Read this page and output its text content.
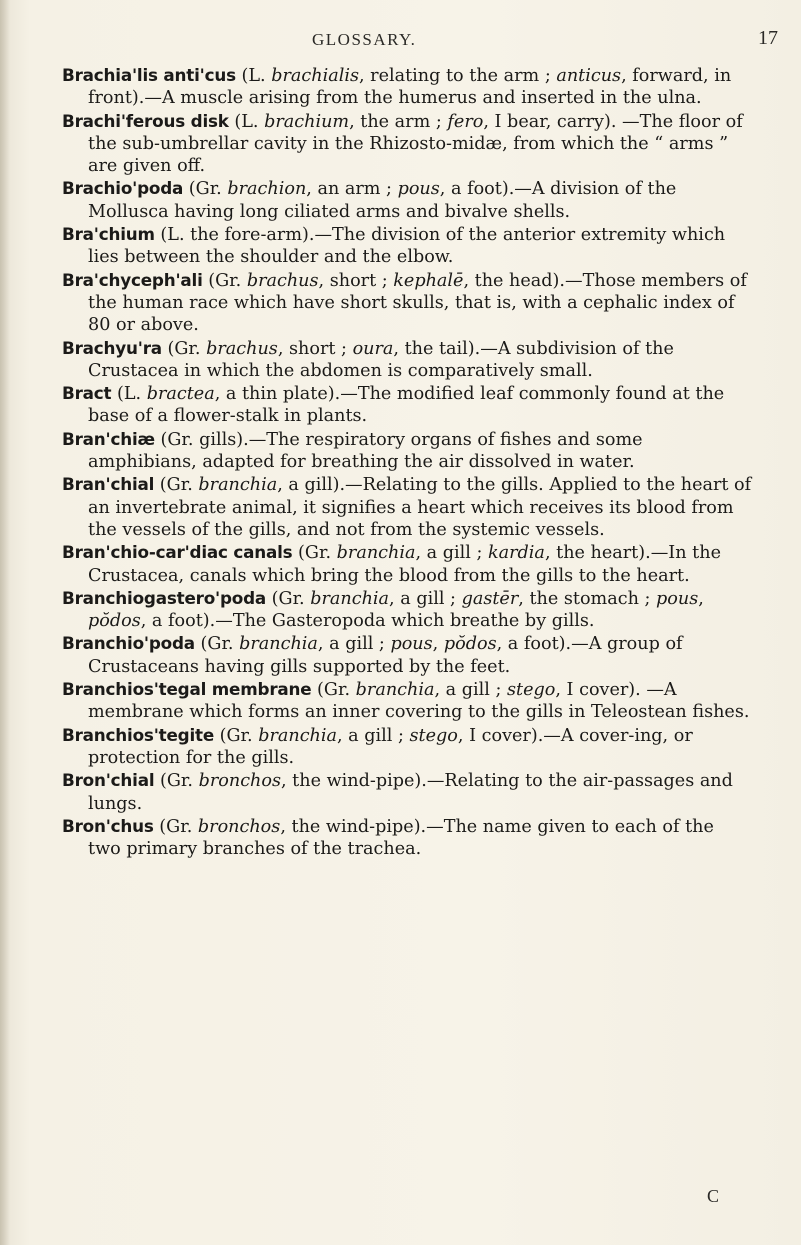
GLOSSARY.	17

Brachia'lis anti'cus (L. brachialis, relating to the arm ; anticus, forward, in front).—A muscle arising from the humerus and inserted in the ulna.

Brachi'ferous disk (L. brachium, the arm ; fero, I bear, carry). —The floor of the sub-umbrellar cavity in the Rhizosto-midæ, from which the “ arms ” are given off.

Brachio'poda (Gr. brachion, an arm ; pous, a foot).—A division of the Mollusca having long ciliated arms and bivalve shells.

Bra'chium (L. the fore-arm).—The division of the anterior extremity which lies between the shoulder and the elbow.

Bra'chyceph'ali (Gr. brachus, short ; kephalē, the head).—Those members of the human race which have short skulls, that is, with a cephalic index of 80 or above.

Brachyu'ra (Gr. brachus, short ; oura, the tail).—A subdivision of the Crustacea in which the abdomen is comparatively small.

Bract (L. bractea, a thin plate).—The modified leaf commonly found at the base of a flower-stalk in plants.

Bran'chiæ (Gr. gills).—The respiratory organs of fishes and some amphibians, adapted for breathing the air dissolved in water.

Bran'chial (Gr. branchia, a gill).—Relating to the gills. Applied to the heart of an invertebrate animal, it signifies a heart which receives its blood from the vessels of the gills, and not from the systemic vessels.

Bran'chio-car'diac canals (Gr. branchia, a gill ; kardia, the heart).—In the Crustacea, canals which bring the blood from the gills to the heart.

Branchiogastero'poda (Gr. branchia, a gill ; gastēr, the stomach ; pous, pŏdos, a foot).—The Gasteropoda which breathe by gills.

Branchio'poda (Gr. branchia, a gill ; pous, pŏdos, a foot).—A group of Crustaceans having gills supported by the feet.

Branchios'tegal membrane (Gr. branchia, a gill ; stego, I cover). —A membrane which forms an inner covering to the gills in Teleostean fishes.

Branchios'tegite (Gr. branchia, a gill ; stego, I cover).—A cover-ing, or protection for the gills.

Bron'chial (Gr. bronchos, the wind-pipe).—Relating to the air-passages and lungs.

Bron'chus (Gr. bronchos, the wind-pipe).—The name given to each of the two primary branches of the trachea.

C
